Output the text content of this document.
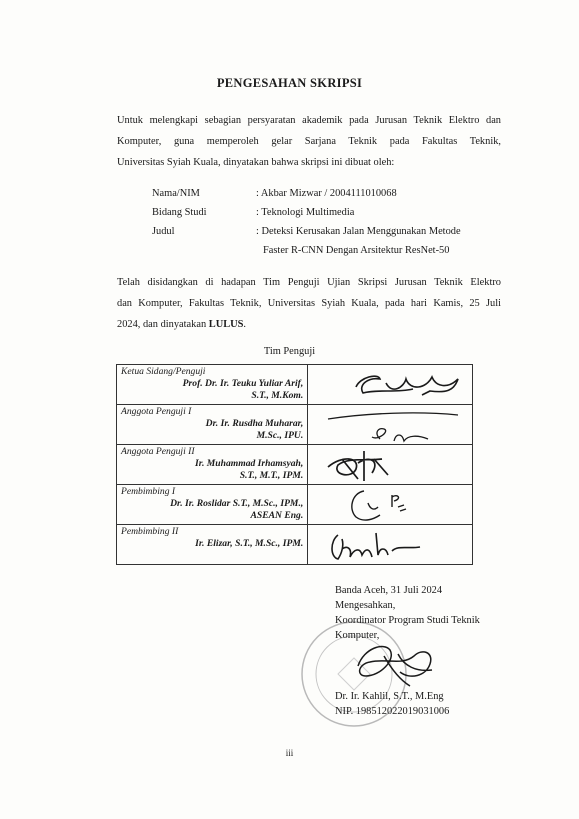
PENGESAHAN SKRIPSI
Untuk melengkapi sebagian persyaratan akademik pada Jurusan Teknik Elektro dan
Komputer, guna memperoleh gelar Sarjana Teknik pada Fakultas Teknik,
Universitas Syiah Kuala, dinyatakan bahwa skripsi ini dibuat oleh:
Nama/NIM	: Akbar Mizwar / 2004111010068
Bidang Studi	: Teknologi Multimedia
Judul	: Deteksi Kerusakan Jalan Menggunakan Metode
Faster R-CNN Dengan Arsitektur ResNet-50
Telah disidangkan di hadapan Tim Penguji Ujian Skripsi Jurusan Teknik Elektro
dan Komputer, Fakultas Teknik, Universitas Syiah Kuala, pada hari Kamis, 25 Juli
2024, dan dinyatakan LULUS.
Tim Penguji
Ketua Sidang/Penguji
Prof. Dr. Ir. Teuku Yuliar Arif,
S.T., M.Kom.

Anggota Penguji I
Dr. Ir. Rusdha Muharar,
M.Sc., IPU.

Anggota Penguji II
Ir. Muhammad Irhamsyah,
S.T., M.T., IPM.

Pembimbing I
Dr. Ir. Roslidar S.T., M.Sc., IPM.,
ASEAN Eng.

Pembimbing II
Ir. Elizar, S.T., M.Sc., IPM.

Banda Aceh, 31 Juli 2024
Mengesahkan,
Koordinator Program Studi Teknik
Komputer,
Dr. Ir. Kahlil, S.T., M.Eng
NIP. 198512022019031006
iii
